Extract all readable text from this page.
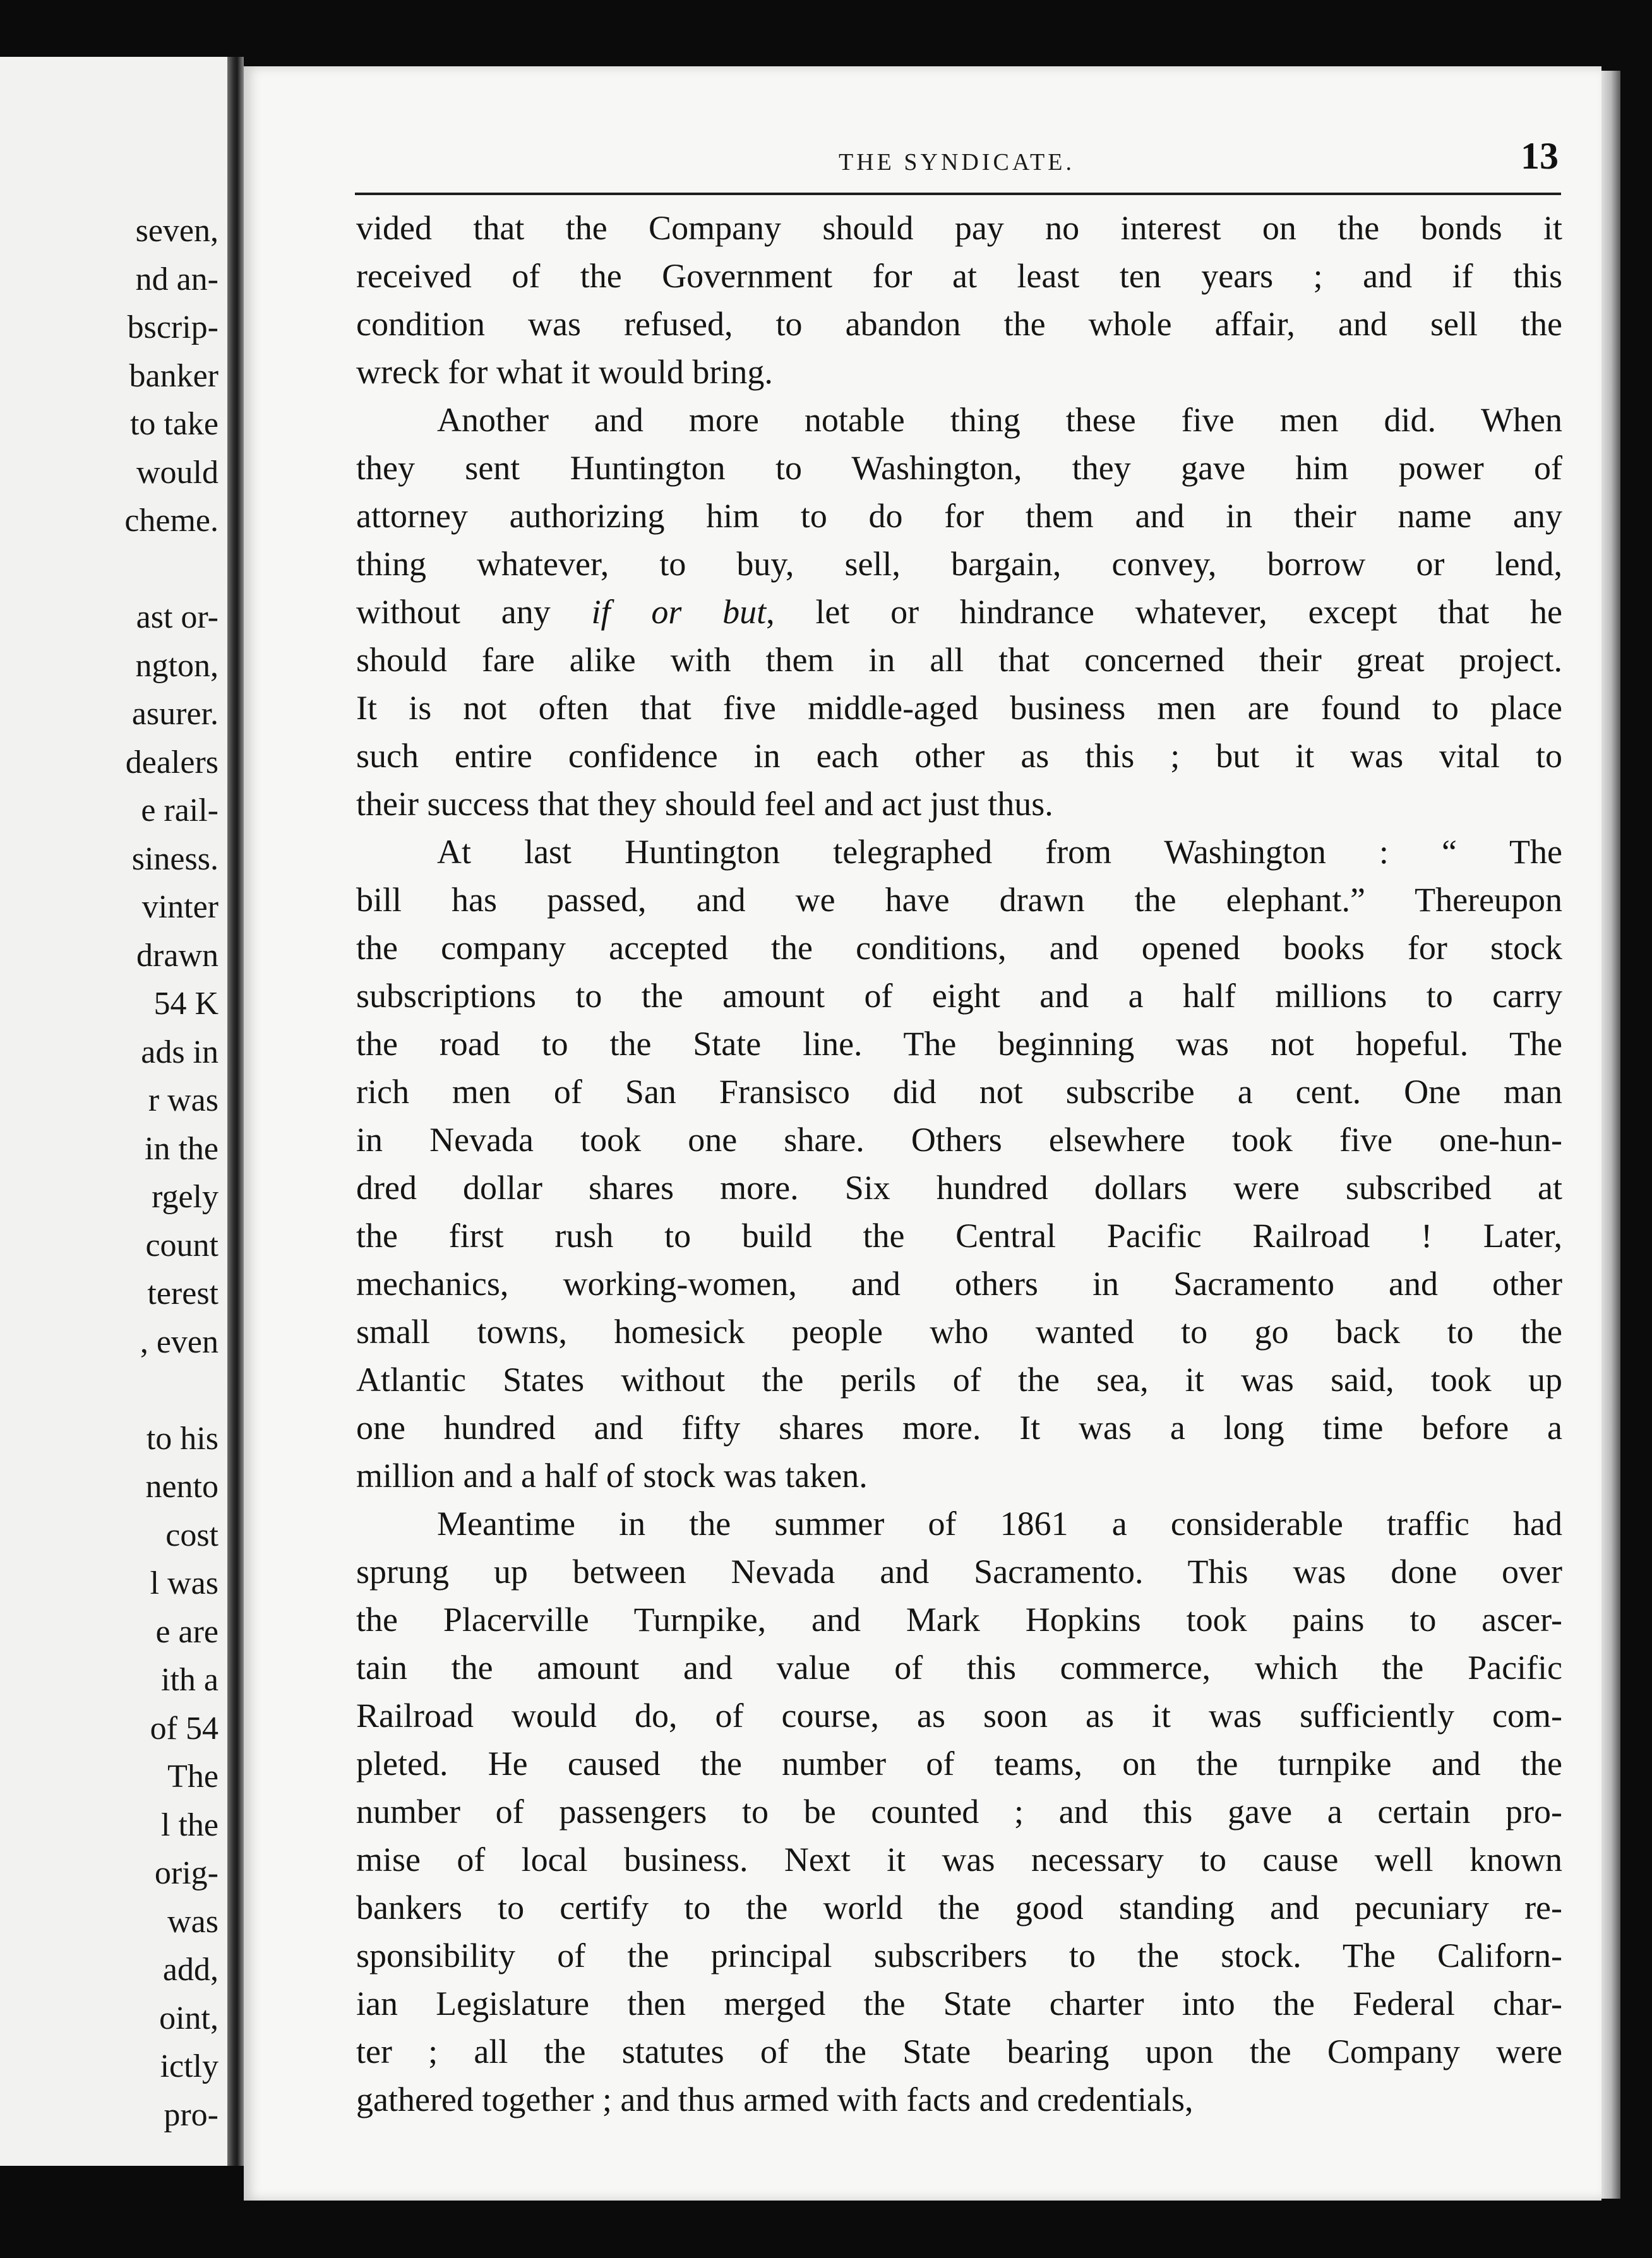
seven,
nd an-
bscrip-
banker
to take
would
cheme.
ast or-
ngton,
asurer.
dealers
e rail-
siness.
vinter
drawn
54 K
ads in
r was
in the
rgely
count
terest
, even
to his
nento
cost
l was
e are
ith a
of 54
The
l the
orig-
was
add,
oint,
ictly
pro-
THE SYNDICATE.	13

vided that the Company should pay no interest on the bonds it
received of the Government for at least ten years ; and if this
condition was refused, to abandon the whole affair, and sell the
wreck for what it would bring.

Another and more notable thing these five men did. When
they sent Huntington to Washington, they gave him power of
attorney authorizing him to do for them and in their name any
thing whatever, to buy, sell, bargain, convey, borrow or lend,
without any if or but, let or hindrance whatever, except that he
should fare alike with them in all that concerned their great project.
It is not often that five middle-aged business men are found to place
such entire confidence in each other as this ; but it was vital to
their success that they should feel and act just thus.

At last Huntington telegraphed from Washington : “ The
bill has passed, and we have drawn the elephant.” Thereupon
the company accepted the conditions, and opened books for stock
subscriptions to the amount of eight and a half millions to carry
the road to the State line. The beginning was not hopeful. The
rich men of San Fransisco did not subscribe a cent. One man
in Nevada took one share. Others elsewhere took five one-hun-
dred dollar shares more. Six hundred dollars were subscribed at
the first rush to build the Central Pacific Railroad ! Later,
mechanics, working-women, and others in Sacramento and other
small towns, homesick people who wanted to go back to the
Atlantic States without the perils of the sea, it was said, took up
one hundred and fifty shares more. It was a long time before a
million and a half of stock was taken.

Meantime in the summer of 1861 a considerable traffic had
sprung up between Nevada and Sacramento. This was done over
the Placerville Turnpike, and Mark Hopkins took pains to ascer-
tain the amount and value of this commerce, which the Pacific
Railroad would do, of course, as soon as it was sufficiently com-
pleted. He caused the number of teams, on the turnpike and the
number of passengers to be counted ; and this gave a certain pro-
mise of local business. Next it was necessary to cause well known
bankers to certify to the world the good standing and pecuniary re-
sponsibility of the principal subscribers to the stock. The Californ-
ian Legislature then merged the State charter into the Federal char-
ter ; all the statutes of the State bearing upon the Company were
gathered together ; and thus armed with facts and credentials,
